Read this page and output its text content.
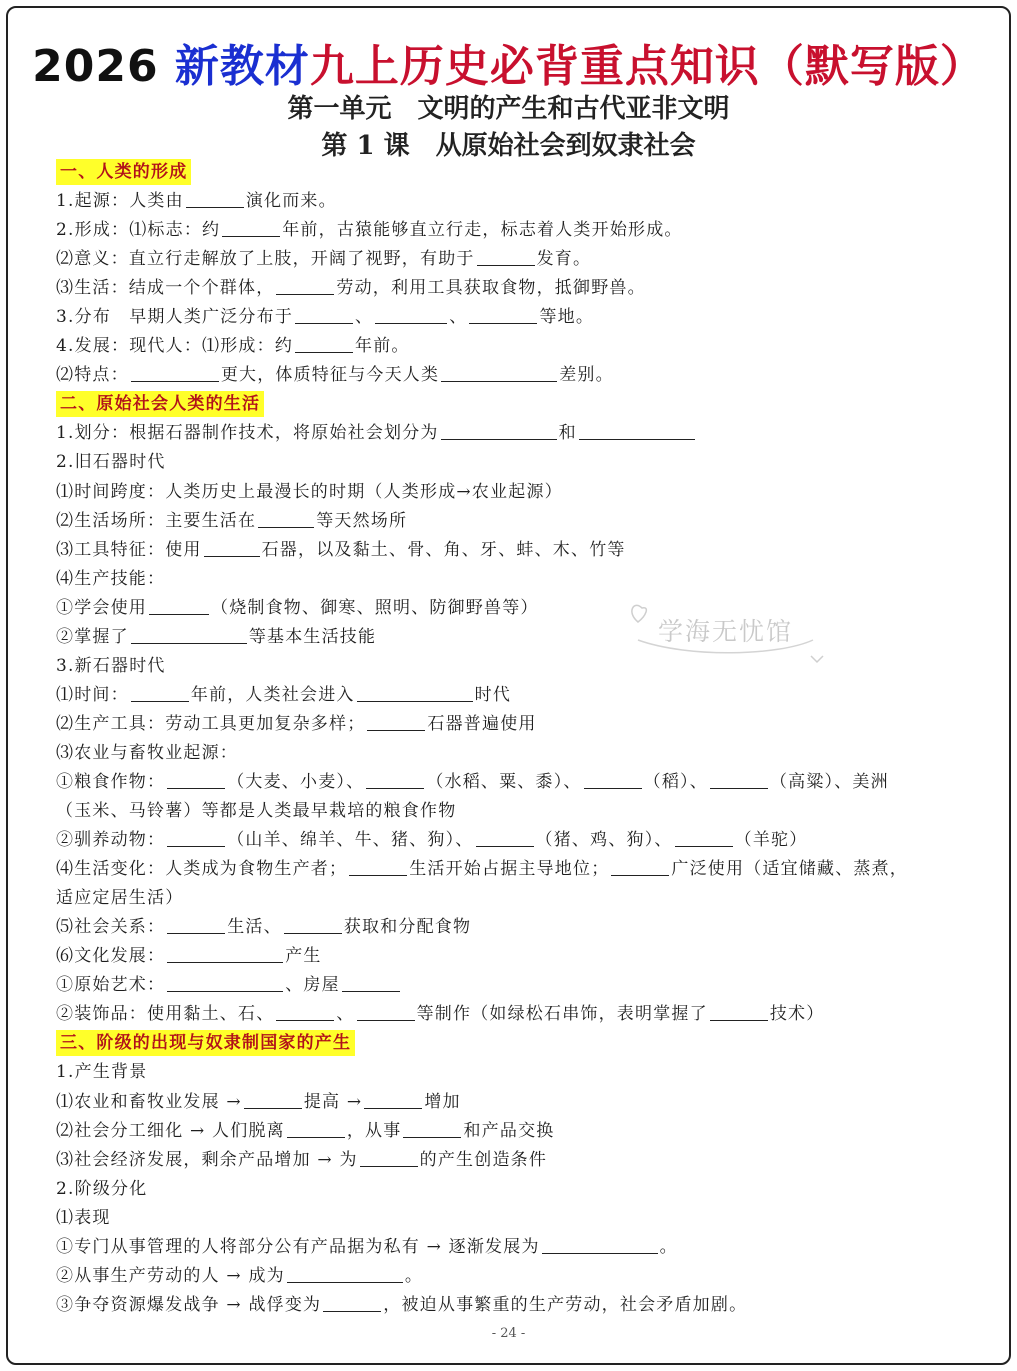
2026 新教材九上历史必背重点知识（默写版）
第一单元　文明的产生和古代亚非文明
第 1 课　从原始社会到奴隶社会
一、人类的形成
1.起源：人类由	演化而来。
2.形成：⑴标志：约	年前，古猿能够直立行走，标志着人类开始形成。
⑵意义：直立行走解放了上肢，开阔了视野，有助于	发育。
⑶生活：结成一个个群体，	劳动，利用工具获取食物，抵御野兽。
3.分布　早期人类广泛分布于	、	、	等地。
4.发展：现代人：⑴形成：约	年前。
⑵特点：	更大，体质特征与今天人类	差别。
二、原始社会人类的生活
1.划分：根据石器制作技术，将原始社会划分为	和
2.旧石器时代
⑴时间跨度：人类历史上最漫长的时期（人类形成→农业起源）
⑵生活场所：主要生活在	等天然场所
⑶工具特征：使用	石器，以及黏土、骨、角、牙、蚌、木、竹等
⑷生产技能：
①学会使用	（烧制食物、御寒、照明、防御野兽等）
②掌握了	等基本生活技能
3.新石器时代
⑴时间：	年前，人类社会进入	时代
⑵生产工具：劳动工具更加复杂多样；	石器普遍使用
⑶农业与畜牧业起源：
①粮食作物：	（大麦、小麦）、	（水稻、粟、黍）、	（稻）、	（高粱）、美洲
（玉米、马铃薯）等都是人类最早栽培的粮食作物
②驯养动物：	（山羊、绵羊、牛、猪、狗）、	（猪、鸡、狗）、	（羊驼）
⑷生活变化：人类成为食物生产者；	生活开始占据主导地位；	广泛使用（适宜储藏、蒸煮，
适应定居生活）
⑸社会关系：	生活、	获取和分配食物
⑹文化发展：	产生
①原始艺术：	、房屋
②装饰品：使用黏土、石、	、	等制作（如绿松石串饰，表明掌握了	技术）
三、阶级的出现与奴隶制国家的产生
1.产生背景
⑴农业和畜牧业发展 →	提高 →	增加
⑵社会分工细化 → 人们脱离	，从事	和产品交换
⑶社会经济发展，剩余产品增加 → 为	的产生创造条件
2.阶级分化
⑴表现
①专门从事管理的人将部分公有产品据为私有 → 逐渐发展为	。
②从事生产劳动的人 → 成为	。
③争夺资源爆发战争 → 战俘变为	，被迫从事繁重的生产劳动，社会矛盾加剧。
学海无忧馆
- 24 -
